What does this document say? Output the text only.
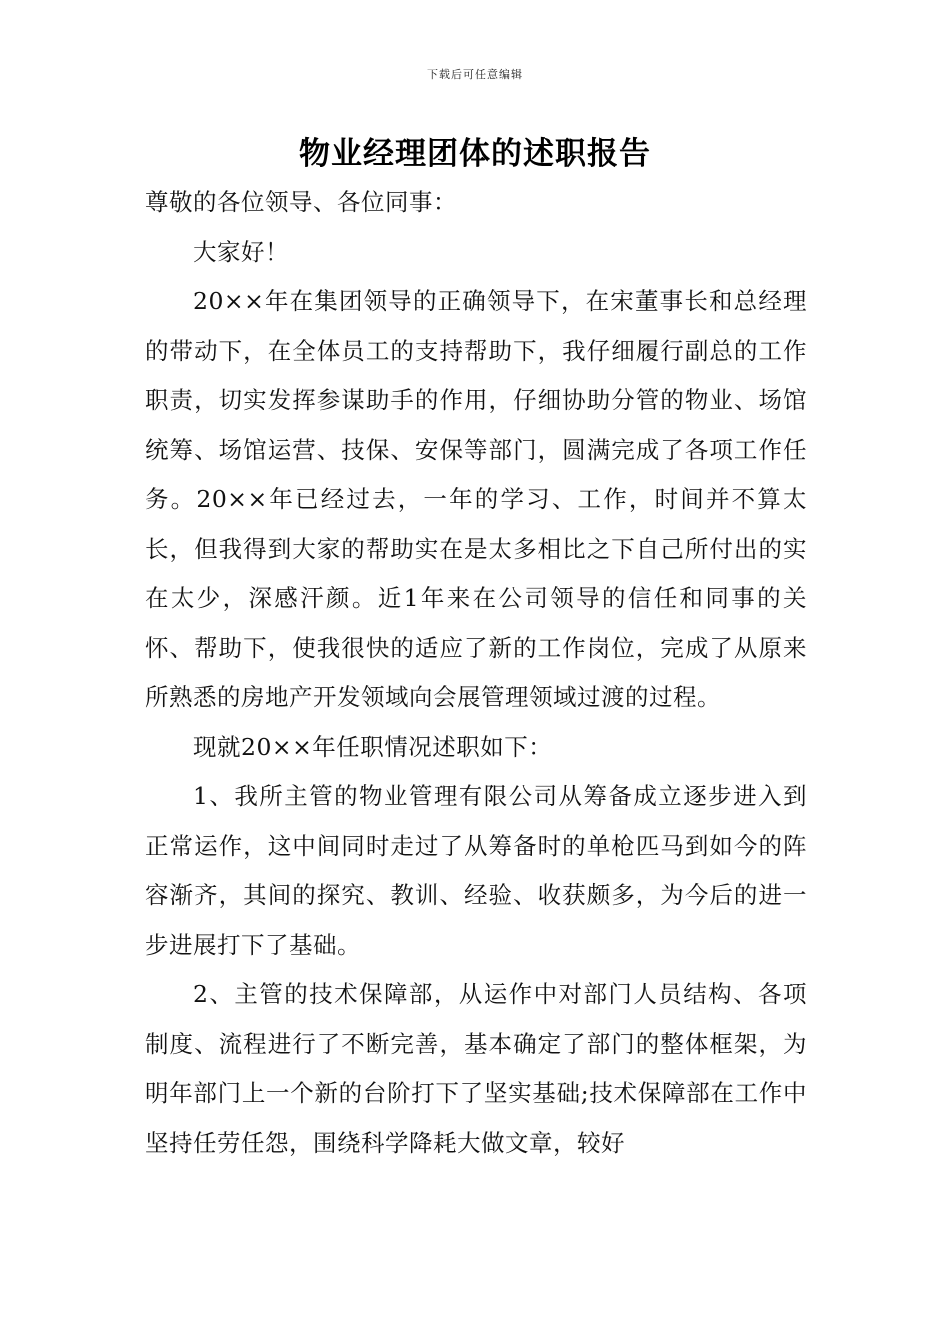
下载后可任意编辑
物业经理团体的述职报告

尊敬的各位领导、各位同事：

大家好！

20××年在集团领导的正确领导下，在宋董事长和总经理的带动下，在全体员工的支持帮助下，我仔细履行副总的工作职责，切实发挥参谋助手的作用，仔细协助分管的物业、场馆统筹、场馆运营、技保、安保等部门，圆满完成了各项工作任务。20××年已经过去，一年的学习、工作，时间并不算太长，但我得到大家的帮助实在是太多相比之下自己所付出的实在太少，深感汗颜。近1年来在公司领导的信任和同事的关怀、帮助下，使我很快的适应了新的工作岗位，完成了从原来所熟悉的房地产开发领域向会展管理领域过渡的过程。

现就20××年任职情况述职如下：

1、我所主管的物业管理有限公司从筹备成立逐步进入到正常运作，这中间同时走过了从筹备时的单枪匹马到如今的阵容渐齐，其间的探究、教训、经验、收获颇多，为今后的进一步进展打下了基础。

2、主管的技术保障部，从运作中对部门人员结构、各项制度、流程进行了不断完善，基本确定了部门的整体框架，为明年部门上一个新的台阶打下了坚实基础;技术保障部在工作中坚持任劳任怨，围绕科学降耗大做文章，较好
